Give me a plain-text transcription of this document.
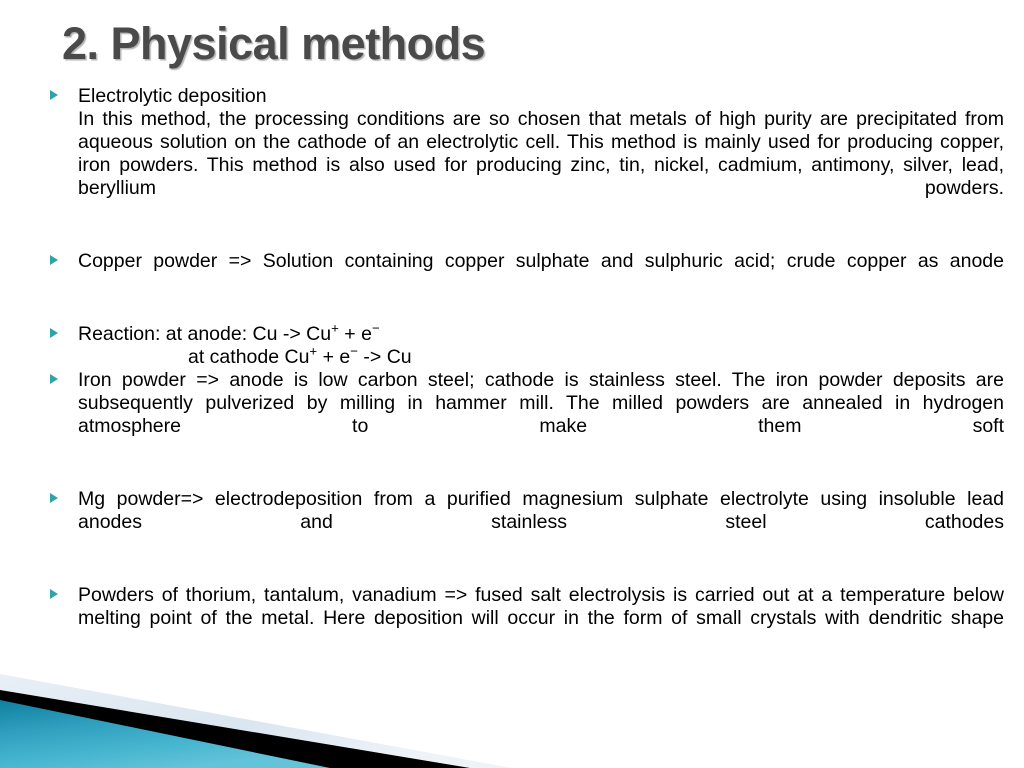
2. Physical methods

Electrolytic deposition

In this method, the processing conditions are so chosen that metals of high purity are precipitated from aqueous solution on the cathode of an electrolytic cell. This method is mainly used for producing copper, iron powders. This method is also used for producing zinc, tin, nickel, cadmium, antimony, silver, lead, beryllium powders.

Copper powder => Solution containing copper sulphate and sulphuric acid; crude copper as anode

Reaction: at anode: Cu -> Cu+ + e−

at cathode Cu+ + e− -> Cu

Iron powder => anode is low carbon steel; cathode is stainless steel. The iron powder deposits are subsequently pulverized by milling in hammer mill. The milled powders are annealed in hydrogen atmosphere to make them soft

Mg powder=> electrodeposition from a purified magnesium sulphate electrolyte using insoluble lead anodes and stainless steel cathodes

Powders of thorium, tantalum, vanadium => fused salt electrolysis is carried out at a temperature below melting point of the metal. Here deposition will occur in the form of small crystals with dendritic shape
